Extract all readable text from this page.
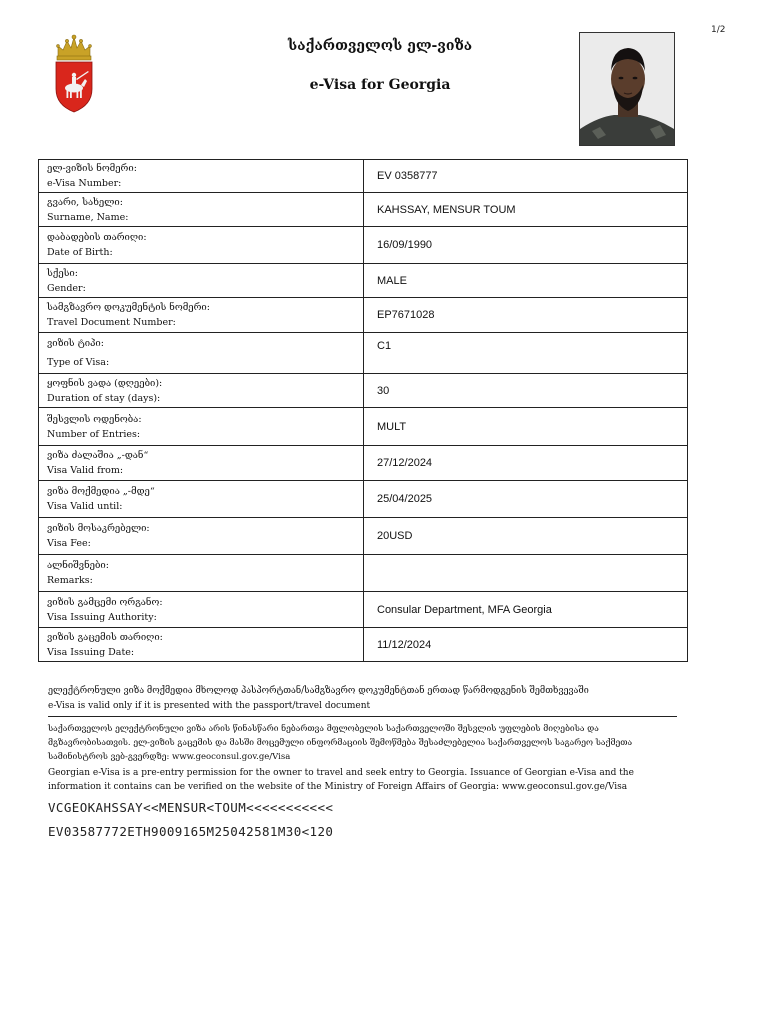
1/2
საქართველოს ელ-ვიზა
e-Visa for Georgia
ელ-ვიზის ნომერი:
e-Visa Number:	EV 0358777

გვარი, სახელი:
Surname, Name:	KAHSSAY, MENSUR TOUM

დაბადების თარიღი:
Date of Birth:	16/09/1990

სქესი:
Gender:	MALE

სამგზავრო დოკუმენტის ნომერი:
Travel Document Number:	EP7671028

ვიზის ტიპი:
Type of Visa:	C1

ყოფნის ვადა (დღეები):
Duration of stay (days):	30

შესვლის ოდენობა:
Number of Entries:	MULT

ვიზა ძალაშია „-დან“
Visa Valid from:	27/12/2024

ვიზა მოქმედია „-მდე“
Visa Valid until:	25/04/2025

ვიზის მოსაკრებელი:
Visa Fee:	20USD

ალნიშვნები:
Remarks:	

ვიზის გამცემი ორგანო:
Visa Issuing Authority:	Consular Department, MFA Georgia

ვიზის გაცემის თარიღი:
Visa Issuing Date:	11/12/2024
ელექტრონული ვიზა მოქმედია მხოლოდ პასპორტთან/სამგზავრო დოკუმენტთან ერთად წარმოდგენის შემთხვევაში
e-Visa is valid only if it is presented with the passport/travel document
საქართველოს ელექტრონული ვიზა არის წინასწარი ნებართვა მფლობელის საქართველოში შესვლის უფლების მიღებისა და მგზავრობისათვის. ელ-ვიზის გაცემის და მასში მოცემული ინფორმაციის შემოწმება შესაძლებელია საქართველოს საგარეო საქმეთა სამინისტროს ვებ-გვერდზე: www.geoconsul.gov.ge/Visa
Georgian e-Visa is a pre-entry permission for the owner to travel and seek entry to Georgia. Issuance of Georgian e-Visa and the information it contains can be verified on the website of the Ministry of Foreign Affairs of Georgia: www.geoconsul.gov.ge/Visa
VCGEOKAHSSAY<<MENSUR<TOUM<<<<<<<<<<<
EV03587772ETH9009165M25042581M30<120
